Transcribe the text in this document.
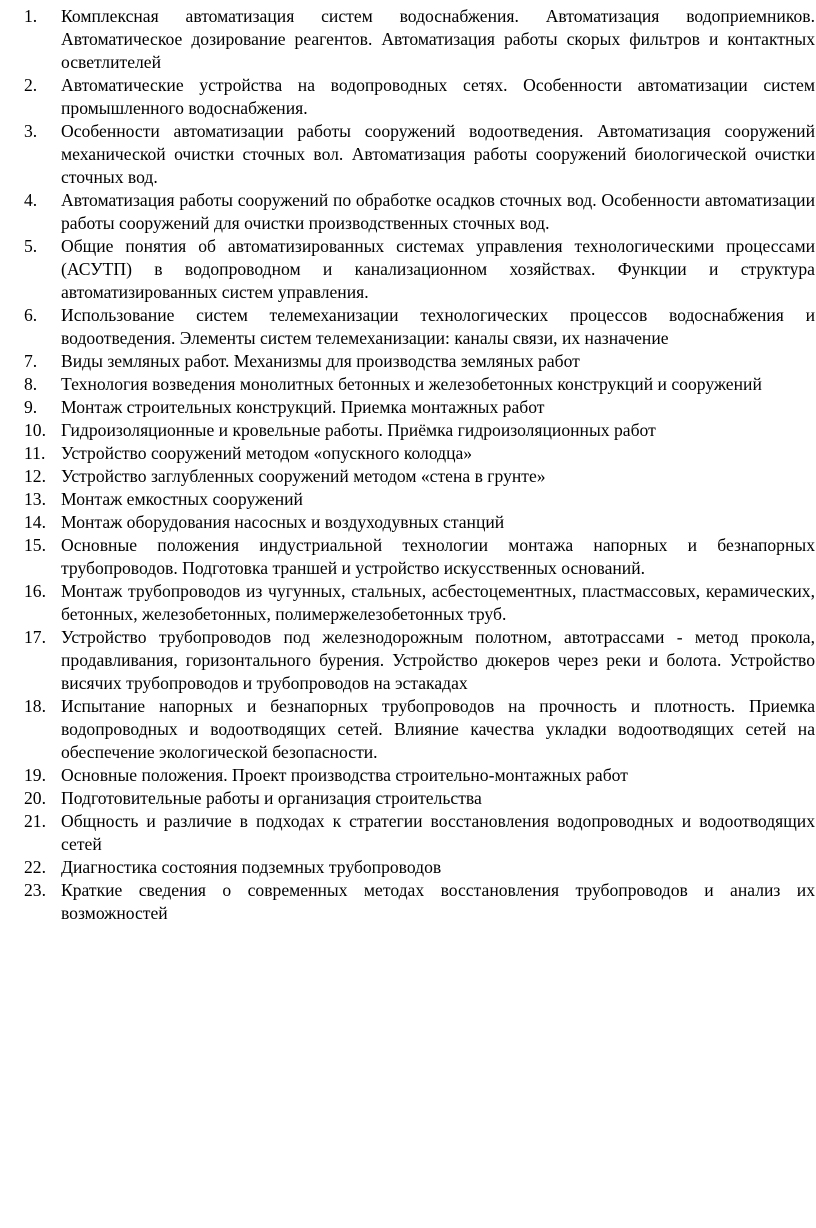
1.	Комплексная автоматизация систем водоснабжения. Автоматизация водоприемников. Автоматическое дозирование реагентов. Автоматизация работы скорых фильтров и контактных осветлителей
2.	Автоматические устройства на водопроводных сетях. Особенности автоматизации систем промышленного водоснабжения.
3.	Особенности автоматизации работы сооружений водоотведения. Автоматизация сооружений механической очистки сточных вол. Автоматизация работы сооружений биологической очистки сточных вод.
4.	Автоматизация работы сооружений по обработке осадков сточных вод. Особенности автоматизации работы сооружений для очистки производственных сточных вод.
5.	Общие понятия об автоматизированных системах управления технологическими процессами (АСУТП) в водопроводном и канализационном хозяйствах. Функции и структура автоматизированных систем управления.
6.	Использование систем телемеханизации технологических процессов водоснабжения и водоотведения. Элементы систем телемеханизации: каналы связи, их назначение
7.	Виды земляных работ. Механизмы для производства земляных работ
8.	Технология возведения монолитных бетонных и железобетонных конструкций и сооружений
9.	Монтаж строительных конструкций. Приемка монтажных работ
10. Гидроизоляционные и кровельные работы. Приёмка гидроизоляционных работ
11. Устройство сооружений методом «опускного колодца»
12. Устройство заглубленных сооружений методом «стена в грунте»
13. Монтаж емкостных сооружений
14. Монтаж оборудования насосных и воздуходувных станций
15. Основные положения индустриальной технологии монтажа напорных и безнапорных трубопроводов. Подготовка траншей и устройство искусственных оснований.
16. Монтаж трубопроводов из чугунных, стальных, асбестоцементных, пластмассовых, керамических, бетонных, железобетонных, полимержелезобетонных труб.
17. Устройство трубопроводов под железнодорожным полотном, автотрассами - метод прокола, продавливания, горизонтального бурения. Устройство дюкеров через реки и болота. Устройство висячих трубопроводов и трубопроводов на эстакадах
18. Испытание напорных и безнапорных трубопроводов на прочность и плотность. Приемка водопроводных и водоотводящих сетей. Влияние качества укладки водоотводящих сетей на обеспечение экологической безопасности.
19. Основные положения. Проект производства строительно-монтажных работ
20. Подготовительные работы и организация строительства
21. Общность и различие в подходах к стратегии восстановления водопроводных и водоотводящих сетей
22. Диагностика состояния подземных трубопроводов
23. Краткие сведения о современных методах восстановления трубопроводов и анализ их возможностей
